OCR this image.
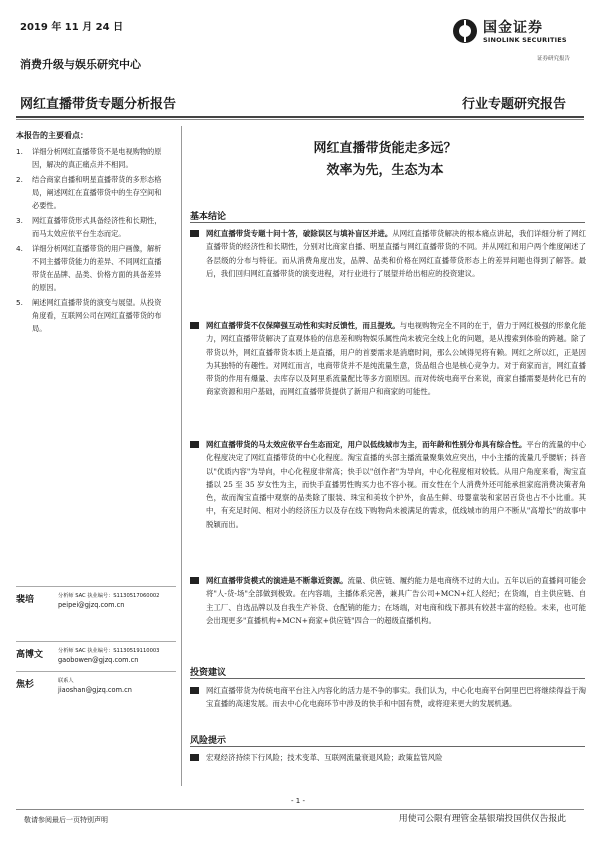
2019 年 11 月 24 日
消费升级与娱乐研究中心
网红直播带货专题分析报告
国金证券
SINOLINK SECURITIES
证券研究报告
行业专题研究报告
本报告的主要看点：
1.	详细分析网红直播带货不是电视购物的原因，解决的真正痛点并不相同。
2.	结合商家自播和明星直播带货的多形态格局，阐述网红在直播带货中的生存空间和必要性。
3.	网红直播带货形式具备经济性和长期性，而马太效应依平台生态而定。
4.	详细分析网红直播带货的用户画像，解析不同主播带货能力的差异、不同网红直播带货在品牌、品类、价格方面的具备差异的原因。
5.	阐述网红直播带货的演变与展望。从投资角度看，互联网公司在网红直播带货的布局。
裴培	分析师 SAC 执业编号：S1130517060002
peipei@gjzq.com.cn
高博文	分析师 SAC 执业编号：S1130519110003
gaobowen@gjzq.com.cn
焦杉	联系人
jiaoshan@gjzq.com.cn
网红直播带货能走多远？
效率为先，生态为本
基本结论
网红直播带货专题十问十答，破除误区与填补盲区并进。从网红直播带货解决的根本痛点讲起，我们详细分析了网红直播带货的经济性和长期性，分别对比商家自播、明星直播与网红直播带货的不同。并从网红和用户两个维度阐述了各层级的分布与特征。而从消费角度出发，品牌、品类和价格在网红直播带货形态上的差异问题也得到了解答。最后，我们回归网红直播带货的演变进程，对行业进行了展望并给出相应的投资建议。
网红直播带货不仅保障强互动性和实时反馈性，而且提效。与电视购物完全不同的在于，借力于网红极强的形象化能力，网红直播带货解决了直观体验的信息差和购物娱乐属性尚未被完全线上化的问题，是从搜索到体验的跨越。除了带货以外，网红直播带货本质上是直播，用户的首要需求是消磨时间，那么公域得见将有赖。网红之所以红，正是因为其独特的有趣性。对网红而言，电商带货并不是纯流量生意，货品组合也是核心竞争力。对于商家而言，网红直播带货的作用有爆量、去库存以及阿里系流量配比等多方面原因。而对传统电商平台来说，商家自播需要是转化已有的商家资源和用户基础，而网红直播带货提供了新用户和商家的可能性。
网红直播带货的马太效应依平台生态而定，用户以低线城市为主，而年龄和性别分布具有综合性。平台的流量的中心化程度决定了网红直播带货的中心化程度。淘宝直播的头部主播流量聚集效应突出，中小主播的流量几乎腰斩；抖音以"优质内容"为导向，中心化程度非常高；快手以"创作者"为导向，中心化程度相对较低。从用户角度来看，淘宝直播以 25 至 35 岁女性为主，而快手直播男性购买力也不容小视。而女性在个人消费外还可能承担家庭消费决策者角色，故而淘宝直播中观察的品类除了服装、珠宝和美妆个护外，食品生鲜、母婴童装和家居百货也占不小比重。其中，有充足时间、相对小的经济压力以及存在线下购物尚未被满足的需求，低线城市的用户不断从"高增长"的故事中脱颖而出。
网红直播带货模式的演进是不断靠近资源。流量、供应链、履约能力是电商绕不过的大山。五年以后的直播间可能会将"人-货-场"全部做到极致。在内容端，主播体系完善，兼具广告公司+MCN+红人经纪；在货端，自主供应链、自主工厂、自选品牌以及自我生产补货、仓配销的能力；在场端，对电商和线下都具有较甚丰富的经验。未来，也可能会出现更多"直播机构+MCN+商家+供应链"四合一的超级直播机构。
投资建议
网红直播带货为传统电商平台注入内容化的活力是不争的事实。我们认为，中心化电商平台阿里巴巴将继续得益于淘宝直播的高速发展。而去中心化电商环节中涉及的快手和中国有赞，或将迎来更大的发展机遇。
风险提示
宏观经济持续下行风险；技术变革、互联网流量衰退风险；政策监管风险
- 1 -
敬请参阅最后一页特别声明	用使司公限有理管金基银瑞投国供仅告报此
